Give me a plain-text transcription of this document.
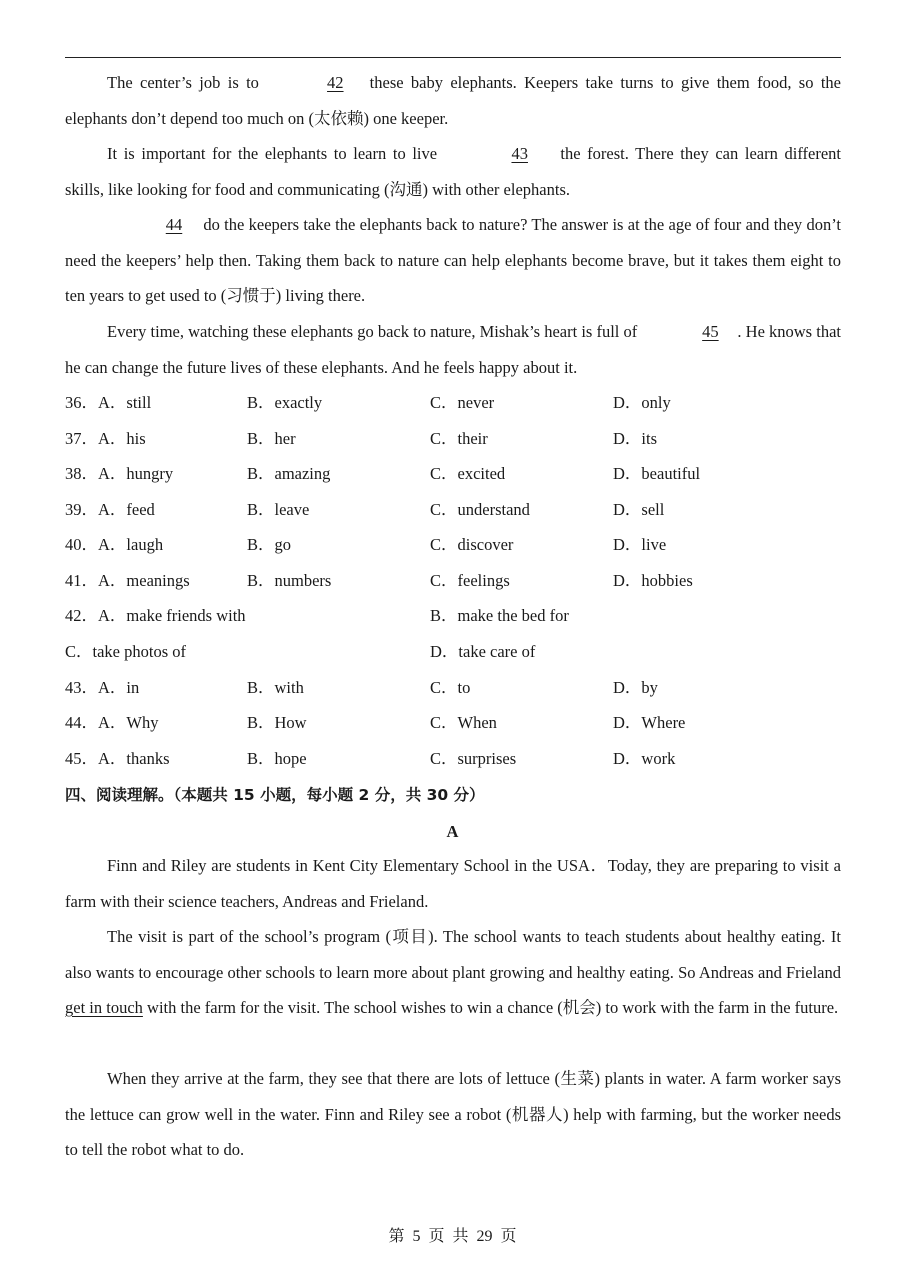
The center’s job is to	42 these baby elephants. Keepers take turns to give them food, so the elephants don’t depend too much on (太依赖) one keeper.

It is important for the elephants to learn to live	43 the forest. There they can learn different skills, like looking for food and communicating (沟通) with other elephants.

44 do the keepers take the elephants back to nature? The answer is at the age of four and they don’t need the keepers’ help then. Taking them back to nature can help elephants become brave, but it takes them eight to ten years to get used to (习惯于) living there.

Every time, watching these elephants go back to nature, Mishak’s heart is full of	45 . He knows that he can change the future lives of these elephants. And he feels happy about it.

36．A．still	B．exactly	C．never	D．only
37．A．his	B．her	C．their	D．its
38．A．hungry	B．amazing	C．excited	D．beautiful
39．A．feed	B．leave	C．understand	D．sell
40．A．laugh	B．go	C．discover	D．live
41．A．meanings	B．numbers	C．feelings	D．hobbies
42．A．make friends with	B．make the bed for
C．take photos of	D．take care of
43．A．in	B．with	C．to	D．by
44．A．Why	B．How	C．When	D．Where
45．A．thanks	B．hope	C．surprises	D．work
四、阅读理解。（本题共 15 小题，每小题 2 分，共 30 分）
A

Finn and Riley are students in Kent City Elementary School in the USA．Today, they are preparing to visit a farm with their science teachers, Andreas and Frieland.

The visit is part of the school’s program (项目). The school wants to teach students about healthy eating. It also wants to encourage other schools to learn more about plant growing and healthy eating. So Andreas and Frieland get in touch with the farm for the visit. The school wishes to win a chance (机会) to work with the farm in the future.

When they arrive at the farm, they see that there are lots of lettuce (生菜) plants in water. A farm worker says the lettuce can grow well in the water. Finn and Riley see a robot (机器人) help with farming, but the worker needs to tell the robot what to do.

第 5 页 共 29 页
